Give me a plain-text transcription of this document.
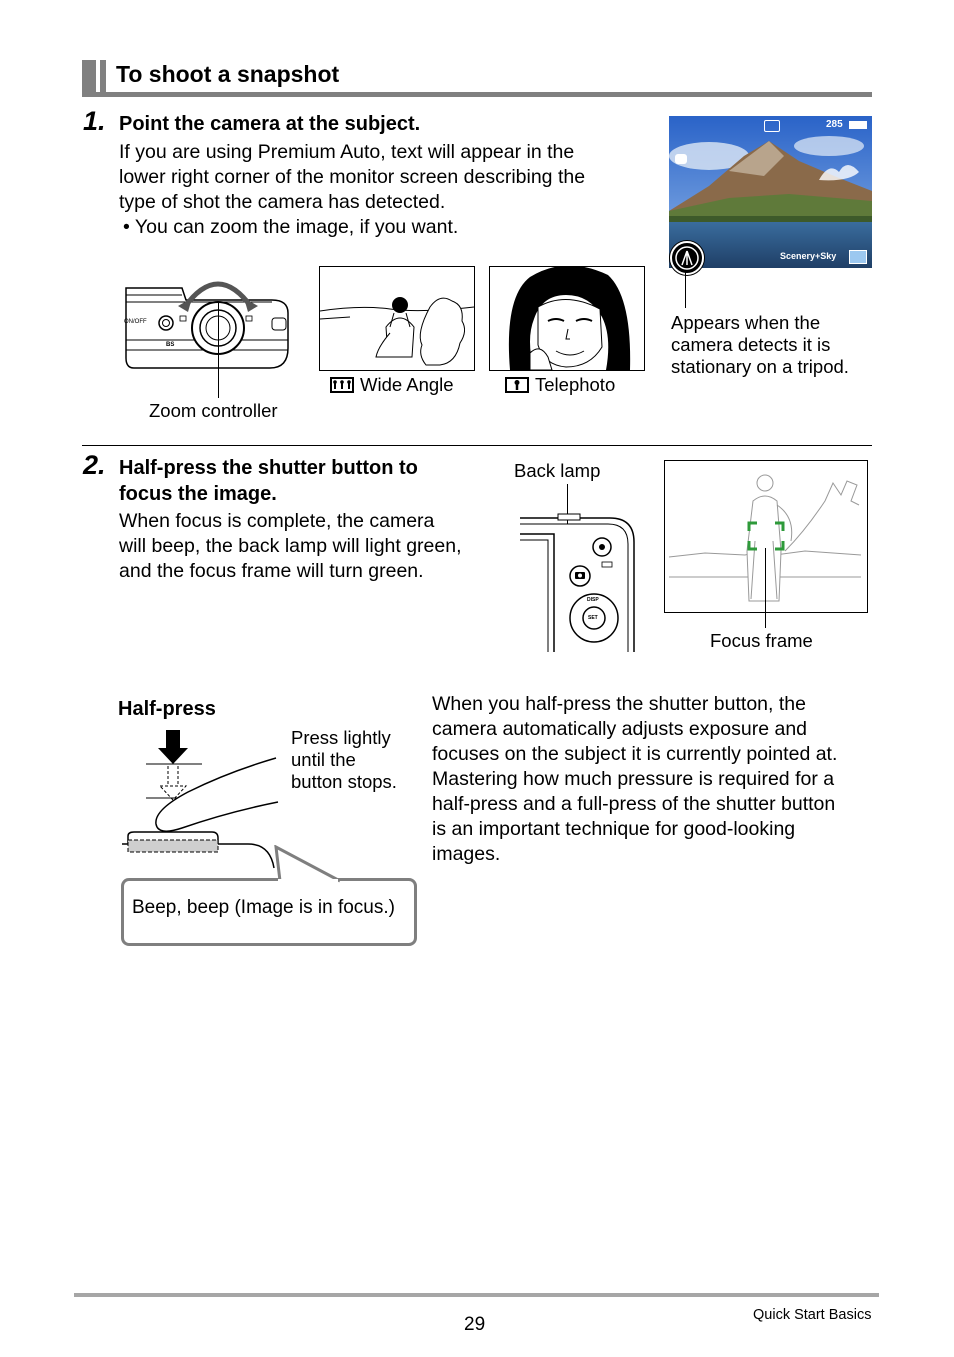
To shoot a snapshot
1. Point the camera at the subject.
If you are using Premium Auto, text will appear in the
lower right corner of the monitor screen describing the
type of shot the camera has detected.
• You can zoom the image, if you want.
285
Scenery+Sky
Appears when the
camera detects it is
stationary on a tripod.
ON/OFF
BS
Zoom controller
Wide Angle	Telephoto
2. Half-press the shutter button to
focus the image.
When focus is complete, the camera
will beep, the back lamp will light green,
and the focus frame will turn green.
Back lamp
DISP
SET
Focus frame
Half-press
Press lightly
until the
button stops.
Beep, beep (Image is in focus.)
When you half-press the shutter button, the
camera automatically adjusts exposure and
focuses on the subject it is currently pointed at.
Mastering how much pressure is required for a
half-press and a full-press of the shutter button
is an important technique for good-looking
images.
29	Quick Start Basics
